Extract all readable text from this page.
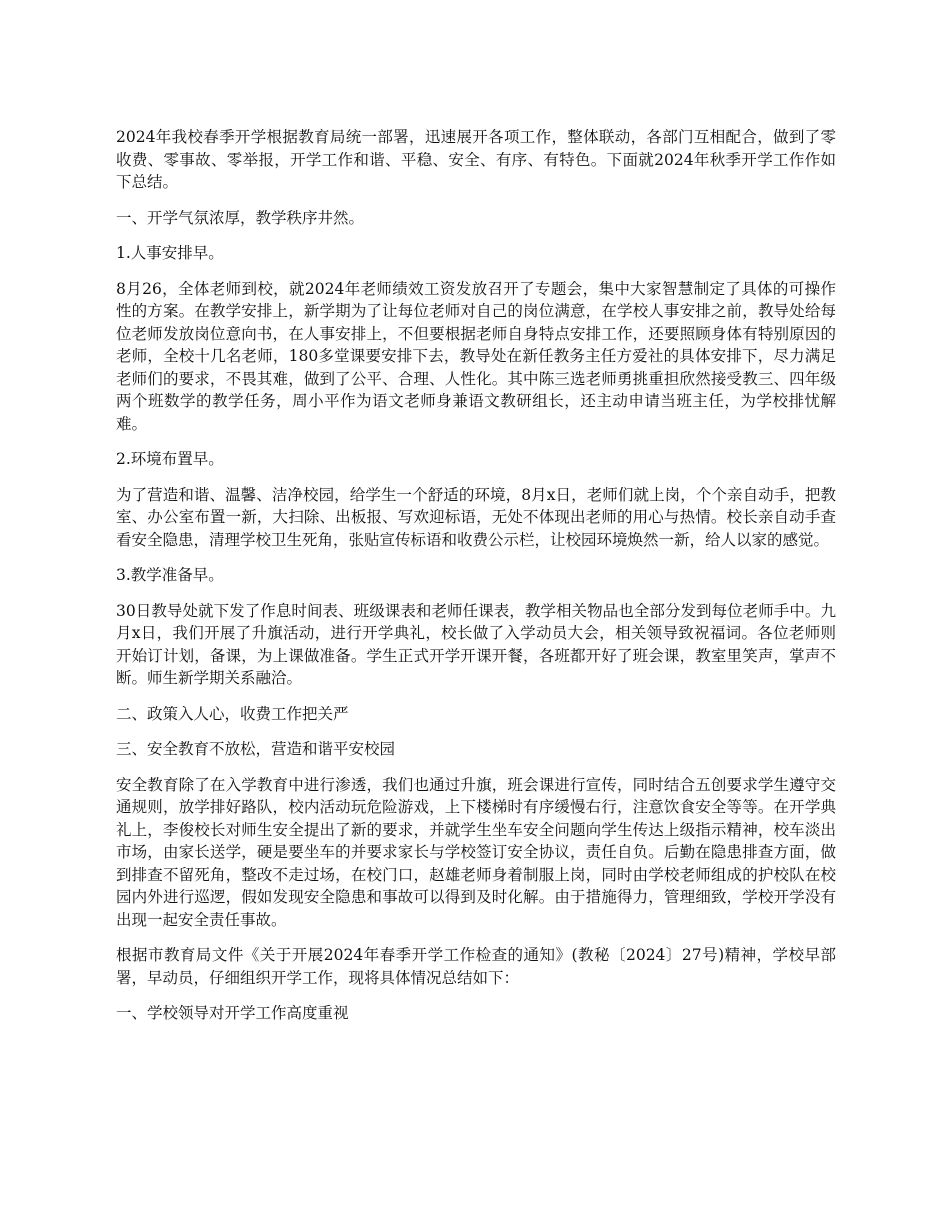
2024年我校春季开学根据教育局统一部署，迅速展开各项工作，整体联动，各部门互相配合，做到了零收费、零事故、零举报，开学工作和谐、平稳、安全、有序、有特色。下面就2024年秋季开学工作作如下总结。

一、开学气氛浓厚，教学秩序井然。

1.人事安排早。

8月26，全体老师到校，就2024年老师绩效工资发放召开了专题会，集中大家智慧制定了具体的可操作性的方案。在教学安排上，新学期为了让每位老师对自己的岗位满意，在学校人事安排之前，教导处给每位老师发放岗位意向书，在人事安排上，不但要根据老师自身特点安排工作，还要照顾身体有特别原因的老师，全校十几名老师，180多堂课要安排下去，教导处在新任教务主任方爱社的具体安排下，尽力满足老师们的要求，不畏其难，做到了公平、合理、人性化。其中陈三选老师勇挑重担欣然接受教三、四年级两个班数学的教学任务，周小平作为语文老师身兼语文教研组长，还主动申请当班主任，为学校排忧解难。

2.环境布置早。

为了营造和谐、温馨、洁净校园，给学生一个舒适的环境，8月x日，老师们就上岗，个个亲自动手，把教室、办公室布置一新，大扫除、出板报、写欢迎标语，无处不体现出老师的用心与热情。校长亲自动手查看安全隐患，清理学校卫生死角，张贴宣传标语和收费公示栏，让校园环境焕然一新，给人以家的感觉。

3.教学准备早。

30日教导处就下发了作息时间表、班级课表和老师任课表，教学相关物品也全部分发到每位老师手中。九月x日，我们开展了升旗活动，进行开学典礼，校长做了入学动员大会，相关领导致祝福词。各位老师则开始订计划，备课，为上课做准备。学生正式开学开课开餐，各班都开好了班会课，教室里笑声，掌声不断。师生新学期关系融洽。

二、政策入人心，收费工作把关严

三、安全教育不放松，营造和谐平安校园

安全教育除了在入学教育中进行渗透，我们也通过升旗，班会课进行宣传，同时结合五创要求学生遵守交通规则，放学排好路队，校内活动玩危险游戏，上下楼梯时有序缓慢右行，注意饮食安全等等。在开学典礼上，李俊校长对师生安全提出了新的要求，并就学生坐车安全问题向学生传达上级指示精神，校车淡出市场，由家长送学，硬是要坐车的并要求家长与学校签订安全协议，责任自负。后勤在隐患排查方面，做到排查不留死角，整改不走过场，在校门口，赵雄老师身着制服上岗，同时由学校老师组成的护校队在校园内外进行巡逻，假如发现安全隐患和事故可以得到及时化解。由于措施得力，管理细致，学校开学没有出现一起安全责任事故。

根据市教育局文件《关于开展2024年春季开学工作检查的通知》(教秘〔2024〕27号)精神，学校早部署，早动员，仔细组织开学工作，现将具体情况总结如下：

一、学校领导对开学工作高度重视
